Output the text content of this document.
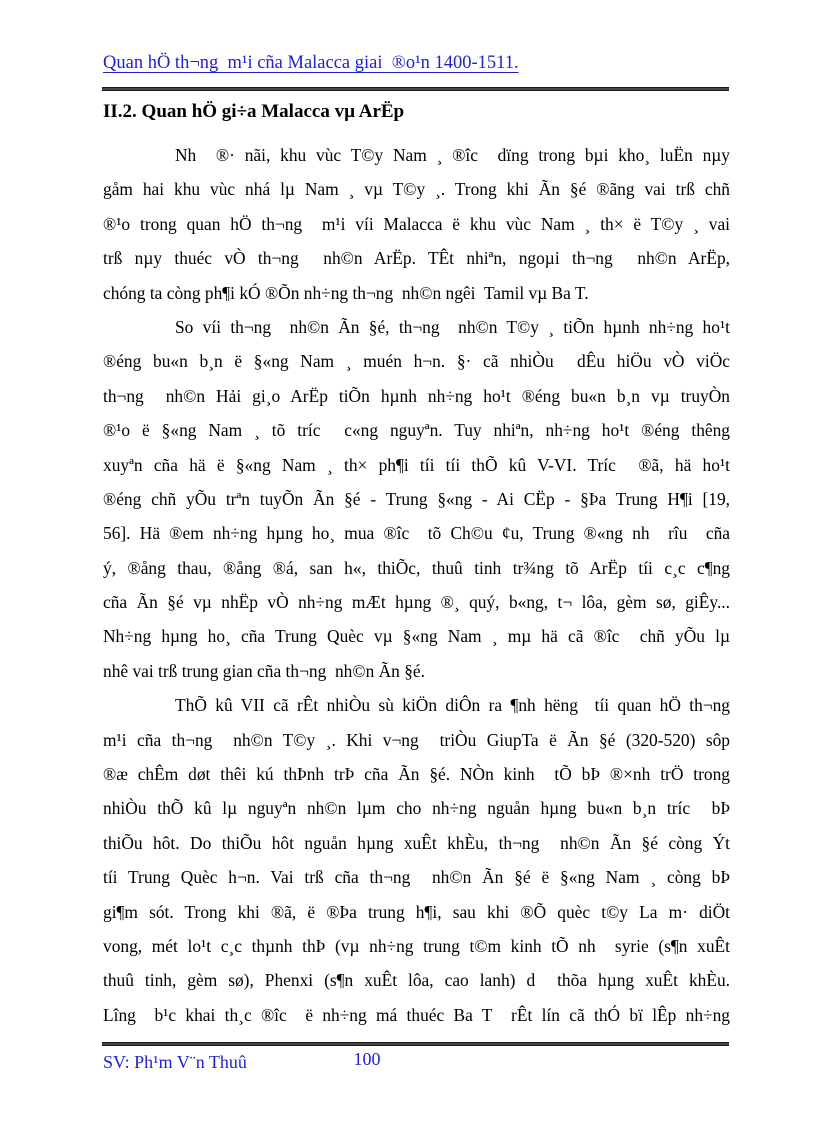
Quan hÖ th¬ng  m¹i cña Malacca giai  ®o¹n 1400-1511.
II.2. Quan hÖ gi÷a Malacca vµ ArËp
Nh  ®· nãi, khu vùc T©y Nam ¸ ®îc  dïng trong bµi kho¸ luËn nµy
gåm hai khu vùc nhá lµ Nam ¸ vµ T©y ¸. Trong khi Ãn §é ®ãng vai trß chñ
®¹o trong quan hÖ th¬ng  m¹i víi Malacca ë khu vùc Nam ¸ th× ë T©y ¸ vai
trß nµy thuéc vÒ th¬ng  nh©n ArËp. TÊt nhiªn, ngoµi th¬ng  nh©n ArËp,
chóng ta còng ph¶i kÓ ®Õn nh÷ng th¬ng  nh©n ngêi  Tamil vµ Ba T.
So víi th¬ng  nh©n Ãn §é, th¬ng  nh©n T©y ¸ tiÕn hµnh nh÷ng ho¹t
®éng bu«n b¸n ë §«ng Nam ¸ muén h¬n. §· cã nhiÒu  dÊu hiÖu vÒ viÖc
th¬ng  nh©n Hải gi¸o ArËp tiÕn hµnh nh÷ng ho¹t ®éng bu«n b¸n vµ truyÒn
®¹o ë §«ng Nam ¸ tõ tríc  c«ng nguyªn. Tuy nhiªn, nh÷ng ho¹t ®éng thêng
xuyªn cña hä ë §«ng Nam ¸ th× ph¶i tíi tíi thÕ kû V-VI. Tríc  ®ã, hä ho¹t
®éng chñ yÕu trªn tuyÕn Ãn §é - Trung §«ng - Ai CËp - §Þa Trung H¶i [19,
56]. Hä ®em nh÷ng hµng ho¸ mua ®îc  tõ Ch©u ¢u, Trung ®«ng nh  rîu  cña
ý, ®ång thau, ®ång ®á, san h«, thiÕc, thuû tinh tr¾ng tõ ArËp tíi c¸c c¶ng
cña Ãn §é vµ nhËp vÒ nh÷ng mÆt hµng ®¸ quý, b«ng, t¬ lôa, gèm sø, giÊy...
Nh÷ng hµng ho¸ cña Trung Quèc vµ §«ng Nam ¸ mµ hä cã ®îc  chñ yÕu lµ
nhê vai trß trung gian cña th¬ng  nh©n Ãn §é.
ThÕ kû VII cã rÊt nhiÒu sù kiÖn diÔn ra ¶nh hëng  tíi quan hÖ th¬ng
m¹i cña th¬ng  nh©n T©y ¸. Khi v¬ng  triÒu GiupTa ë Ãn §é (320-520) sôp
®æ chÊm døt thêi kú thÞnh trÞ cña Ãn §é. NÒn kinh  tÕ bÞ ®×nh trÖ trong
nhiÒu thÕ kû lµ nguyªn nh©n lµm cho nh÷ng nguån hµng bu«n b¸n tríc  bÞ
thiÕu hôt. Do thiÕu hôt nguån hµng xuÊt khÈu, th¬ng  nh©n Ãn §é còng Ýt
tíi Trung Quèc h¬n. Vai trß cña th¬ng  nh©n Ãn §é ë §«ng Nam ¸ còng bÞ
gi¶m sót. Trong khi ®ã, ë ®Þa trung h¶i, sau khi ®Õ quèc t©y La m· diÖt
vong, mét lo¹t c¸c thµnh thÞ (vµ nh÷ng trung t©m kinh tÕ nh  syrie (s¶n xuÊt
thuû tinh, gèm sø), Phenxi (s¶n xuÊt lôa, cao lanh) d  thõa hµng xuÊt khÈu.
Lîng  b¹c khai th¸c ®îc  ë nh÷ng má thuéc Ba T  rÊt lín cã thÓ bï lÊp nh÷ng
SV: Ph¹m V¨n Thuû	100
